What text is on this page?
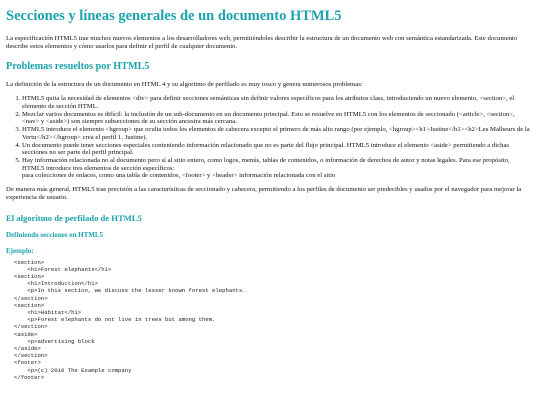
Secciones y líneas generales de un documento HTML5

La especificación HTML5 trae muchos nuevos elementos a los desarrolladores web, permitiéndoles describir la estructura de un documento web con semántica estandarizada. Este documento describe estos elementos y cómo usarlos para definir el perfil de cualquier documento.

Problemas resueltos por HTML5

La definición de la estructura de un documento en HTML 4 y su algoritmo de perfilado es muy tosco y genera numerosos problemas:

1. HTML5 quita la necesidad de elementos <div> para definir secciones semánticas sin definir valores específicos para los atributos class, introduciendo un nuevo elemento, <section>, el elemento de sección HTML.
2. Mezclar varios documentos es difícil: la inclusión de un sub-documento en un documento principal. Esto se resuelve en HTML5 con los elementos de seccionado (<article>, <section>, <nav> y <aside>) son siempre subsecciones de su sección ancestra más cercana.
3. HTML5 introduce el elemento <hgroup> que oculta todos los elementos de cabecera excepto el primero de más alto rango (por ejemplo, <hgroup><h1>Justine</h1><h2>Les Malheurs de la Vertu</h2></hgroup> crea el perfil 1. Justine).
4. Un documento puede tener secciones especiales conteniendo información relacionado que no es parte del flujo principal. HTML5 introduce el elemento <aside> permitiendo a dichas secciones no ser parte del perfil principal.
5. Hay información relacionada no al documento pero sí al sitio entero, como logos, menús, tablas de contenidos, o información de derechos de autor y notas legales. Para ese propósito, HTML5 introduce tres elementos de sección específicos:
para colecciones de enlaces, como una tabla de contenidos, <footer> y <header> información relacionada con el sitio

De manera más general, HTML5 trae precisión a las características de seccionado y cabecera, permitiendo a los perfiles de documento ser predecibles y usados por el navegador para mejorar la experiencia de usuario.

El algoritmo de perfilado de HTML5
Definiendo secciones en HTML5
Ejemplo:
<section>
<h1>Forest elephants</h1>
<section>
<h1>Introduction</h1>
<p>In this section, we discuss the lesser known forest elephants.
</section>
<section>
<h1>Habitat</h1>
<p>Forest elephants do not live in trees but among them.
</section>
<aside>
<p>advertising block
</aside>
</section>
<footer>
<p>(c) 2010 The Example company
</footer>
